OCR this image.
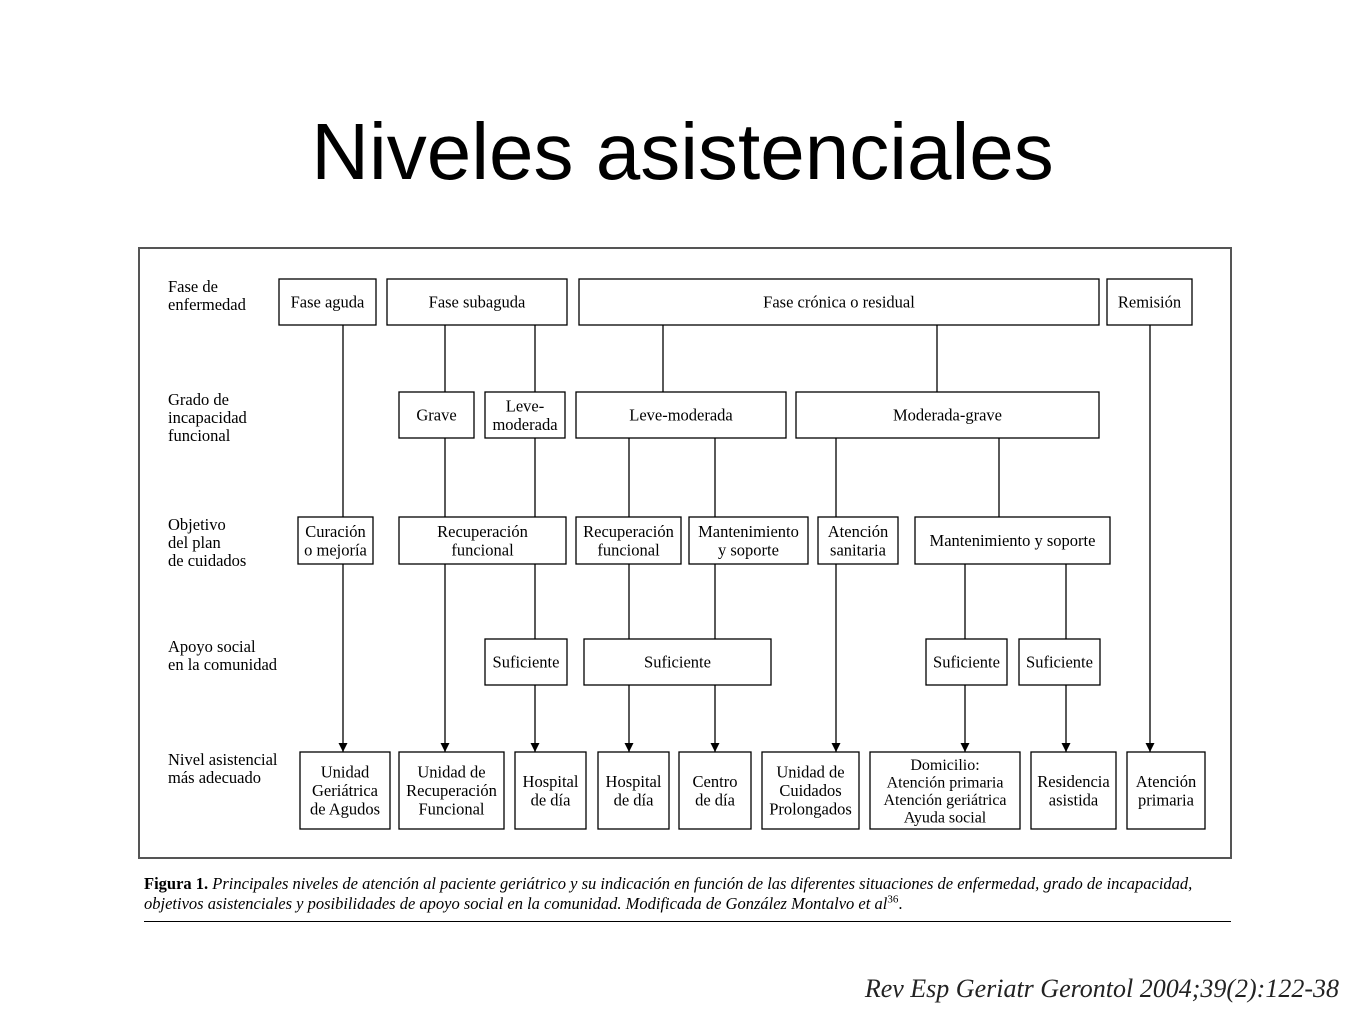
Niveles asistenciales
Fase de enfermedad
Grado de incapacidad funcional
Objetivo del plan de cuidados
Apoyo social en la comunidad
Nivel asistencial más adecuado
Fase aguda	Fase subaguda	Fase crónica o residual	Remisión
Grave	Leve-moderada	Leve-moderada	Moderada-grave
Curación o mejoría
Recuperación funcional
Recuperación funcional
Mantenimiento y soporte
Atención sanitaria	Mantenimiento y soporte
Suficiente	Suficiente	Suficiente Suficiente
Unidad Geriátrica de Agudos
Unidad de Recuperación Funcional
Hospital de día
Hospital de día
Centro de día
Unidad de Cuidados Prolongados
Domicilio: Atención primaria Atención geriátrica Ayuda social
Residencia asistida
Atención primaria

Figura 1. Principales niveles de atención al paciente geriátrico y su indicación en función de las diferentes situaciones de enfermedad, grado de incapacidad, objetivos asistenciales y posibilidades de apoyo social en la comunidad. Modificada de González Montalvo et $al^{36}$.

Rev Esp Geriatr Gerontol 2004;39(2):122-38
